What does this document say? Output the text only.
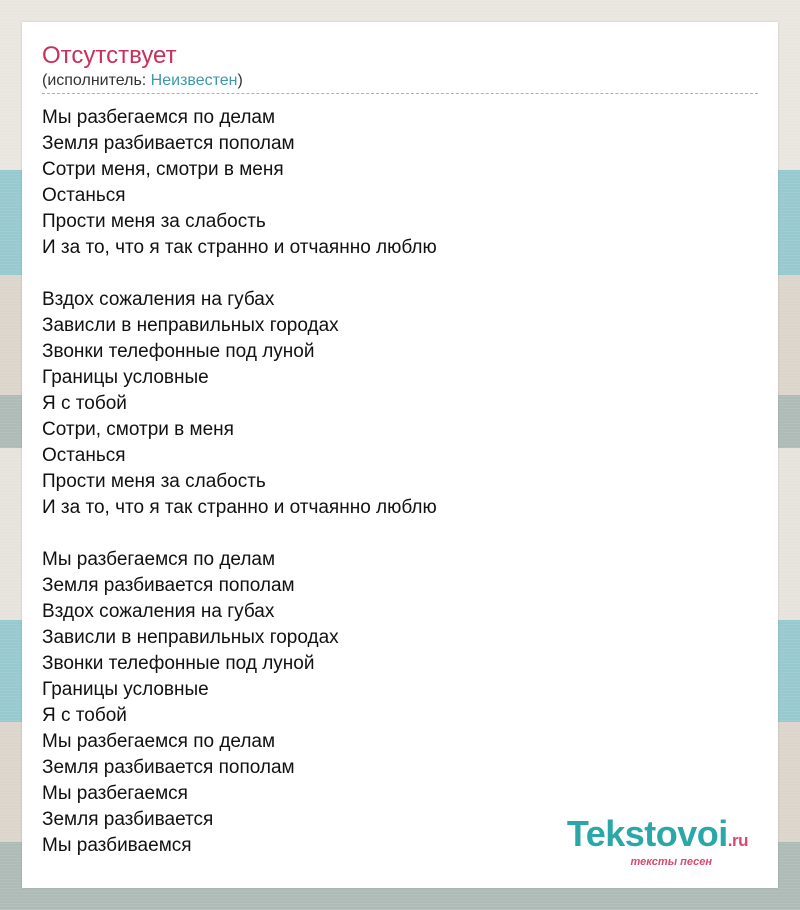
Отсутствует
(исполнитель: Неизвестен)
Мы разбегаемся по делам
Земля разбивается пополам
Сотри меня, смотри в меня
Останься
Прости меня за слабость
И за то, что я так странно и отчаянно люблю
Вздох сожаления на губах
Зависли в неправильных городах
Звонки телефонные под луной
Границы условные
Я с тобой
Сотри, смотри в меня
Останься
Прости меня за слабость
И за то, что я так странно и отчаянно люблю
Мы разбегаемся по делам
Земля разбивается пополам
Вздох сожаления на губах
Зависли в неправильных городах
Звонки телефонные под луной
Границы условные
Я с тобой
Мы разбегаемся по делам
Земля разбивается пополам
Мы разбегаемся
Земля разбивается
Мы разбиваемся	Tekstovoi.ru
тексты песен
